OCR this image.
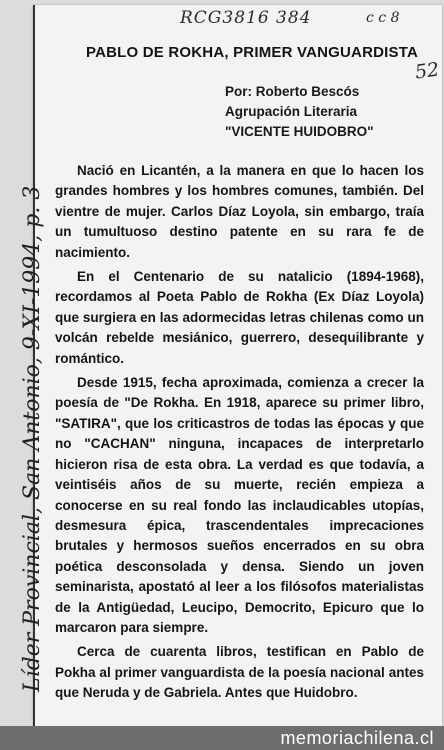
RCG3816 384	c c 8
52
Líder Provincial, San Antonio, 9-XI-1994, p. 3
PABLO DE ROKHA, PRIMER VANGUARDISTA
Por: Roberto Bescós
Agrupación Literaria
"VICENTE HUIDOBRO"

Nació en Licantén, a la manera en que lo hacen los grandes hombres y los hombres comunes, también. Del vientre de mujer. Carlos Díaz Loyola, sin embargo, traía un tumultuoso destino patente en su rara fe de nacimiento.

En el Centenario de su natalicio (1894-1968), recordamos al Poeta Pablo de Rokha (Ex Díaz Loyola) que surgiera en las adormecidas letras chilenas como un volcán rebelde mesiánico, guerrero, desequilibrante y romántico.

Desde 1915, fecha aproximada, comienza a crecer la poesía de "De Rokha. En 1918, aparece su primer libro, "SATIRA", que los criticastros de todas las épocas y que no "CACHAN" ninguna, incapaces de interpretarlo hicieron risa de esta obra. La verdad es que todavía, a veintiséis años de su muerte, recién empieza a conocerse en su real fondo las inclaudicables utopías, desmesura épica, trascendentales imprecaciones brutales y hermosos sueños encerrados en su obra poética desconsolada y densa. Siendo un joven seminarista, apostató al leer a los filósofos materialistas de la Antigüedad, Leucipo, Democrito, Epicuro que lo marcaron para siempre.

Cerca de cuarenta libros, testifican en Pablo de Pokha al primer vanguardista de la poesía nacional antes que Neruda y de Gabriela. Antes que Huidobro.

memoriachilena.cl
